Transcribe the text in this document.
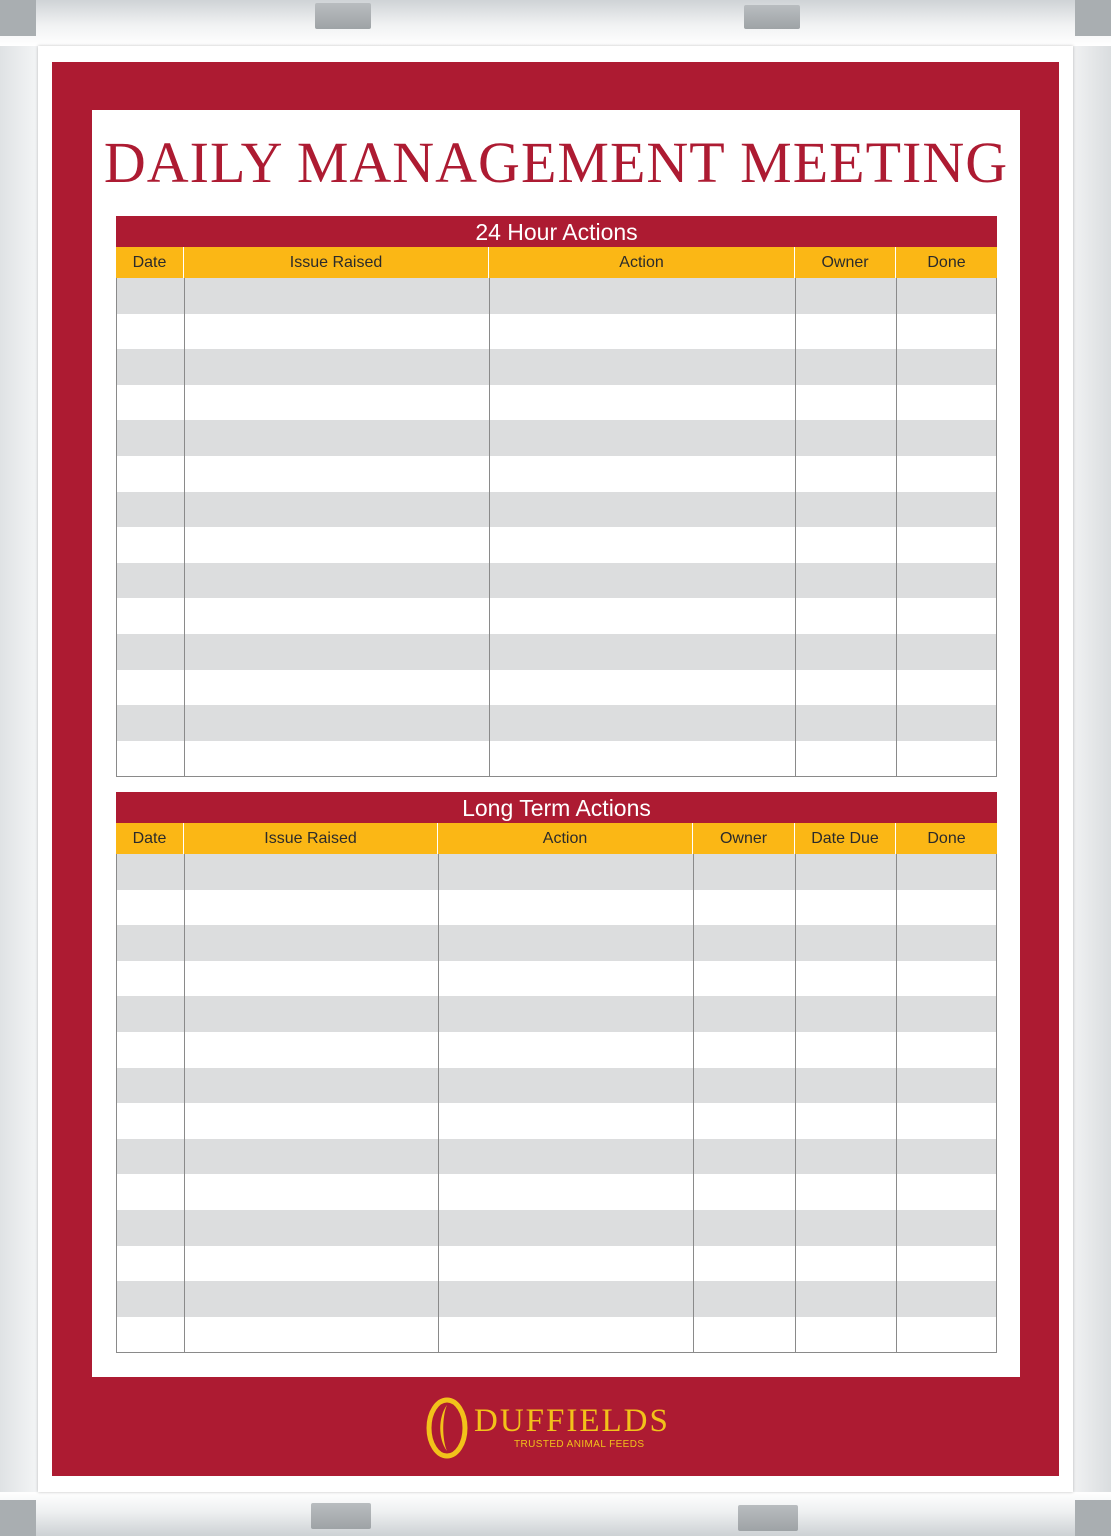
DAILY MANAGEMENT MEETING
24 Hour Actions
Date	Issue Raised	Action	Owner	Done
Long Term Actions
Date	Issue Raised	Action	Owner	Date Due	Done
DUFFIELDS
TRUSTED ANIMAL FEEDS
